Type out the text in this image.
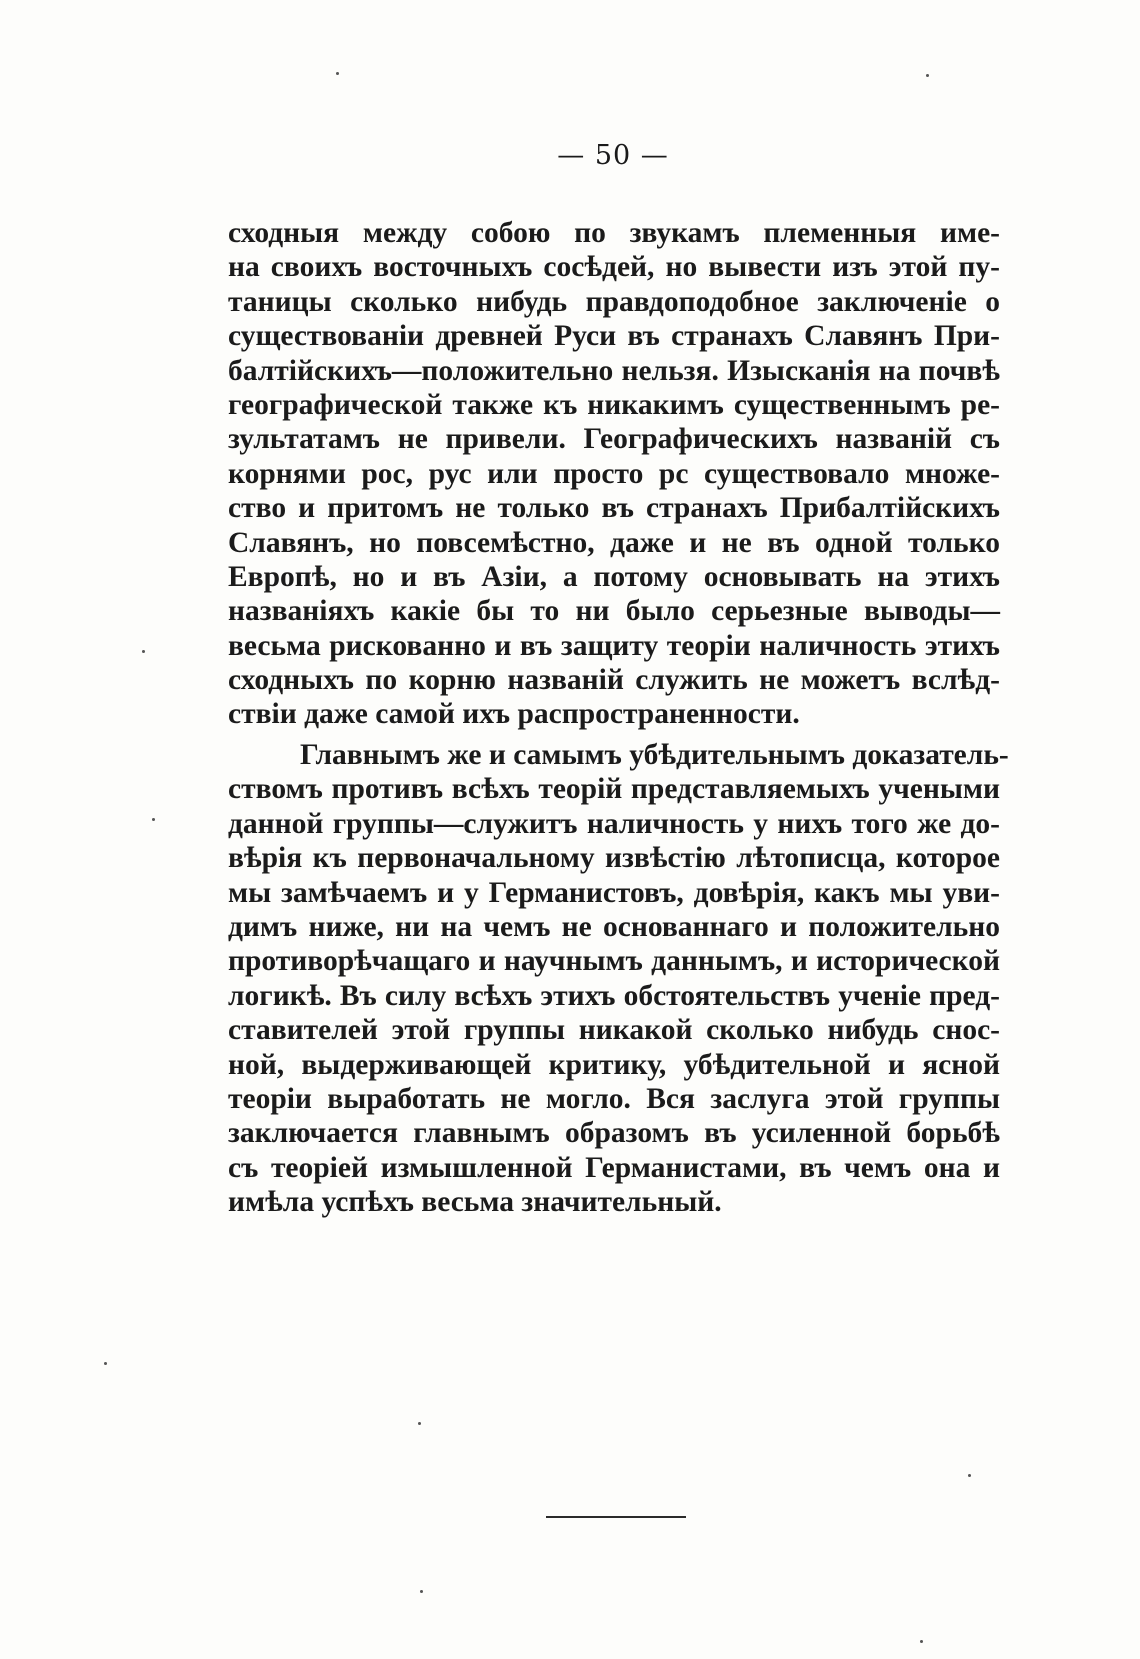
— 50 —
сходныя между собою по звукамъ племенныя име-
на своихъ восточныхъ сосѣдей, но вывести изъ этой пу-
таницы сколько нибудь правдоподобное заключенiе о
существованiи древней Руси въ странахъ Славянъ При-
балтiйскихъ—положительно нельзя. Изысканiя на почвѣ
географической также къ никакимъ существеннымъ ре-
зультатамъ не привели. Географическихъ названiй съ
корнями рос, рус или просто рс существовало множе-
ство и притомъ не только въ странахъ Прибалтiйскихъ
Славянъ, но повсемѣстно, даже и не въ одной только
Европѣ, но и въ Азiи, а потому основывать на этихъ
названiяхъ какiе бы то ни было серьезные выводы—
весьма рискованно и въ защиту теорiи наличность этихъ
сходныхъ по корню названiй служить не можетъ вслѣд-
ствiи даже самой ихъ распространенности.
Главнымъ же и самымъ убѣдительнымъ доказатель-
ствомъ противъ всѣхъ теорiй представляемыхъ учеными
данной группы—служитъ наличность у нихъ того же до-
вѣрiя къ первоначальному извѣстiю лѣтописца, которое
мы замѣчаемъ и у Германистовъ, довѣрiя, какъ мы уви-
димъ ниже, ни на чемъ не основаннаго и положительно
противорѣчащаго и научнымъ даннымъ, и исторической
логикѣ. Въ силу всѣхъ этихъ обстоятельствъ ученiе пред-
ставителей этой группы никакой сколько нибудь снос-
ной, выдерживающей критику, убѣдительной и ясной
теорiи выработать не могло. Вся заслуга этой группы
заключается главнымъ образомъ въ усиленной борьбѣ
съ теорiей измышленной Германистами, въ чемъ она и
имѣла успѣхъ весьма значительный.
